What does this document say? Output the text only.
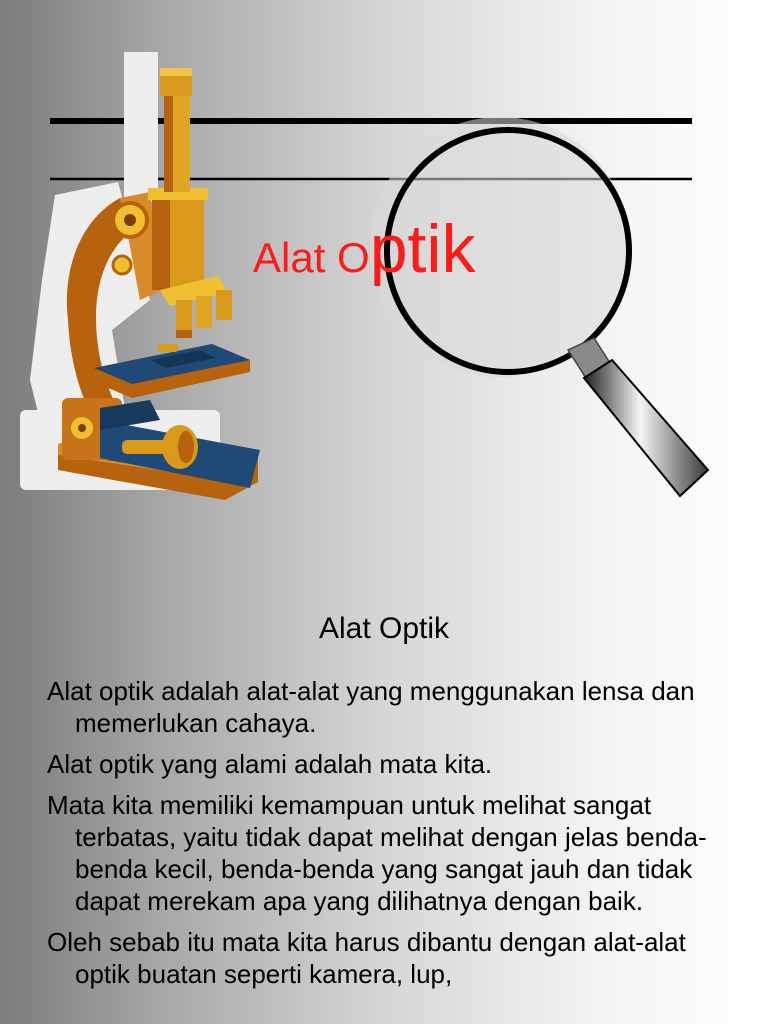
Alat Optik
Alat Optik
Alat optik adalah alat-alat yang menggunakan lensa dan memerlukan cahaya.
Alat optik yang alami adalah mata kita.
Mata kita memiliki kemampuan untuk melihat sangat terbatas, yaitu tidak dapat melihat dengan jelas benda-benda kecil, benda-benda yang sangat jauh dan tidak dapat merekam apa yang dilihatnya dengan baik.
Oleh sebab itu mata kita harus dibantu dengan alat-alat optik buatan seperti kamera, lup,
